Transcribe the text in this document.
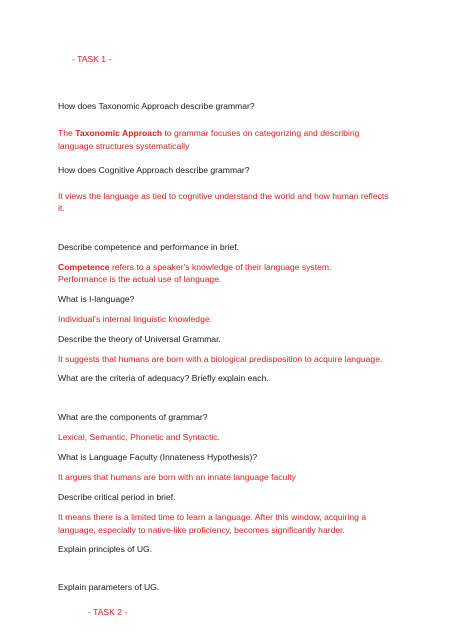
- TASK 1 -
How does Taxonomic Approach describe grammar?
The Taxonomic Approach to grammar focuses on categorizing and describing
language structures systematically
How does Cognitive Approach describe grammar?
It views the language as tied to cognitive understand the world and how human reflects
it.
Describe competence and performance in brief.
Competence refers to a speaker's knowledge of their language system.
Performance is the actual use of language.
What is I-language?
Individual's internal linguistic knowledge.
Describe the theory of Universal Grammar.
It suggests that humans are born with a biological predisposition to acquire language.
What are the criteria of adequacy? Briefly explain each.
What are the components of grammar?
Lexical, Semantic, Phonetic and Syntactic.
What is Language Faculty (Innateness Hypothesis)?
It argues that humans are born with an innate language faculty
Describe critical period in brief.
It means there is a limited time to learn a language. After this window, acquiring a
language, especially to native-like proficiency, becomes significantly harder.
Explain principles of UG.
Explain parameters of UG.
- TASK 2 -
